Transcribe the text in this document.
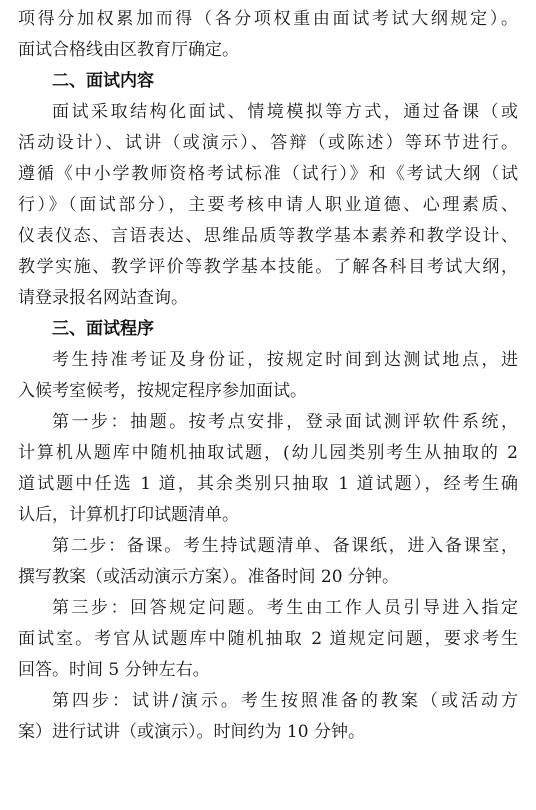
项得分加权累加而得（各分项权重由面试考试大纲规定）。
面试合格线由区教育厅确定。
二、面试内容
面试采取结构化面试、情境模拟等方式，通过备课（或
活动设计）、试讲（或演示）、答辩（或陈述）等环节进行。
遵循《中小学教师资格考试标准（试行）》和《考试大纲（试
行）》（面试部分），主要考核申请人职业道德、心理素质、
仪表仪态、言语表达、思维品质等教学基本素养和教学设计、
教学实施、教学评价等教学基本技能。了解各科目考试大纲，
请登录报名网站查询。
三、面试程序
考生持准考证及身份证，按规定时间到达测试地点，进
入候考室候考，按规定程序参加面试。
第一步：抽题。按考点安排，登录面试测评软件系统，
计算机从题库中随机抽取试题，(幼儿园类别考生从抽取的 2
道试题中任选 1 道，其余类别只抽取 1 道试题），经考生确
认后，计算机打印试题清单。
第二步：备课。考生持试题清单、备课纸，进入备课室，
撰写教案（或活动演示方案）。准备时间 20 分钟。
第三步：回答规定问题。考生由工作人员引导进入指定
面试室。考官从试题库中随机抽取 2 道规定问题，要求考生
回答。时间 5 分钟左右。
第四步：试讲/演示。考生按照准备的教案（或活动方
案）进行试讲（或演示）。时间约为 10 分钟。
